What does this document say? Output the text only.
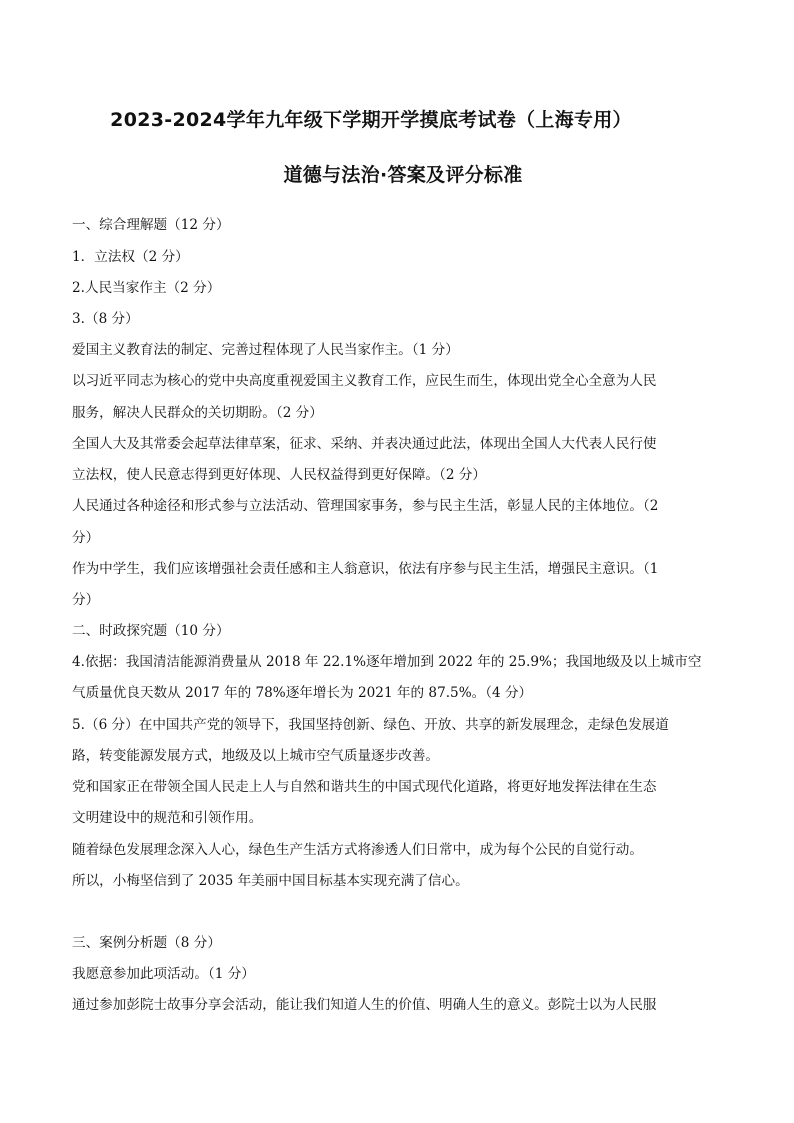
2023-2024学年九年级下学期开学摸底考试卷（上海专用）
道德与法治·答案及评分标准
一、综合理解题（12 分）
1．立法权（2 分）
2.人民当家作主（2 分）
3.（8 分）
爱国主义教育法的制定、完善过程体现了人民当家作主。（1 分）
以习近平同志为核心的党中央高度重视爱国主义教育工作，应民生而生，体现出党全心全意为人民
服务，解决人民群众的关切期盼。（2 分）
全国人大及其常委会起草法律草案，征求、采纳、并表决通过此法，体现出全国人大代表人民行使
立法权，使人民意志得到更好体现、人民权益得到更好保障。（2 分）
人民通过各种途径和形式参与立法活动、管理国家事务，参与民主生活，彰显人民的主体地位。（2
分）
作为中学生，我们应该增强社会责任感和主人翁意识，依法有序参与民主生活，增强民主意识。（1
分）
二、时政探究题（10 分）
4.依据：我国清洁能源消费量从 2018 年 22.1%逐年增加到 2022 年的 25.9%；我国地级及以上城市空
气质量优良天数从 2017 年的 78%逐年增长为 2021 年的 87.5%。（4 分）
5.（6 分）在中国共产党的领导下，我国坚持创新、绿色、开放、共享的新发展理念，走绿色发展道
路，转变能源发展方式，地级及以上城市空气质量逐步改善。
党和国家正在带领全国人民走上人与自然和谐共生的中国式现代化道路，将更好地发挥法律在生态
文明建设中的规范和引领作用。
随着绿色发展理念深入人心，绿色生产生活方式将渗透人们日常中，成为每个公民的自觉行动。
所以，小梅坚信到了 2035 年美丽中国目标基本实现充满了信心。
三、案例分析题（8 分）
我愿意参加此项活动。（1 分）
通过参加彭院士故事分享会活动，能让我们知道人生的价值、明确人生的意义。彭院士以为人民服
